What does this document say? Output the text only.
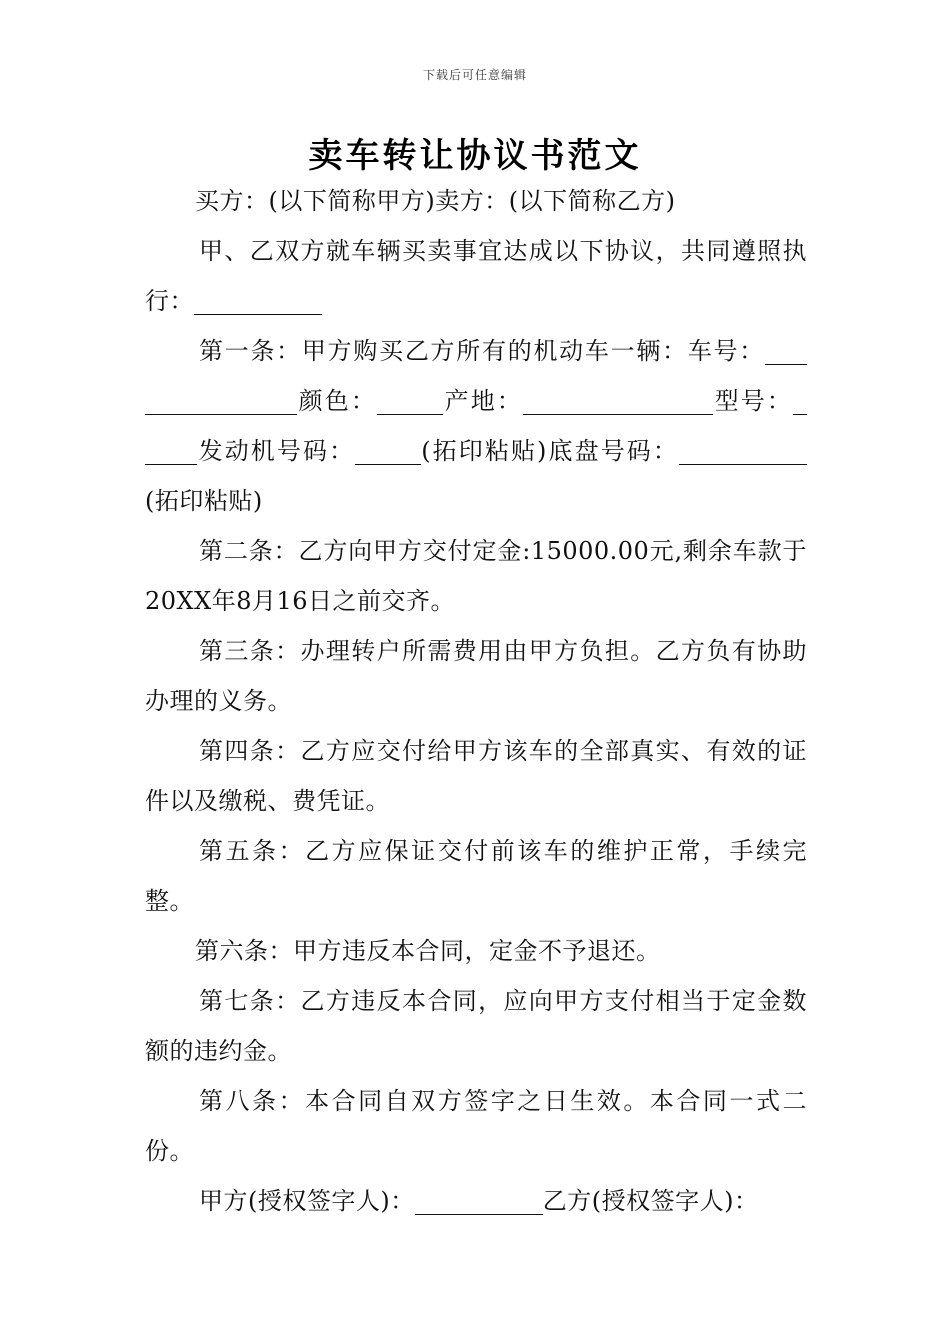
下载后可任意编辑
卖车转让协议书范文

买方：(以下简称甲方)卖方：(以下简称乙方)

甲、乙双方就车辆买卖事宜达成以下协议，共同遵照执行：

第一条：甲方购买乙方所有的机动车一辆：车号：颜色：	产地：	型号：发动机号码：	(拓印粘贴)底盘号码：(拓印粘贴)

第二条：乙方向甲方交付定金:15000.00元,剩余车款于20XX年8月16日之前交齐。

第三条：办理转户所需费用由甲方负担。乙方负有协助办理的义务。

第四条：乙方应交付给甲方该车的全部真实、有效的证件以及缴税、费凭证。

第五条：乙方应保证交付前该车的维护正常，手续完整。

第六条：甲方违反本合同，定金不予退还。

第七条：乙方违反本合同，应向甲方支付相当于定金数额的违约金。

第八条：本合同自双方签字之日生效。本合同一式二份。

甲方(授权签字人)：	乙方(授权签字人)：
